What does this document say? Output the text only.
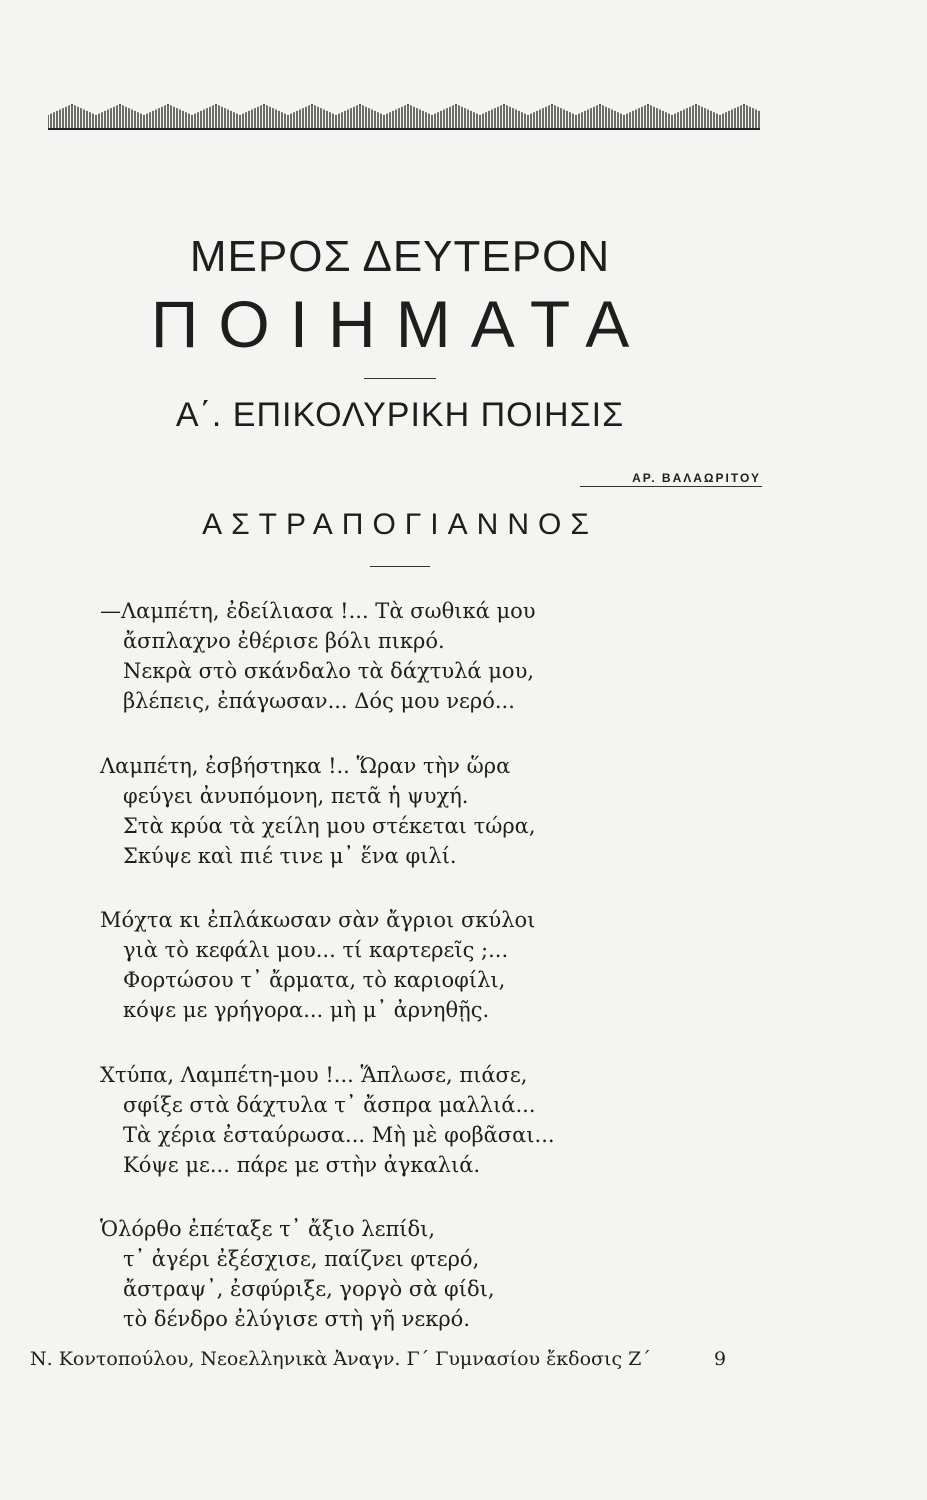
ΜΕΡΟΣ ΔΕΥΤΕΡΟΝ
ΠΟΙΗΜΑΤΑ
Α΄. ΕΠΙΚΟΛΥΡΙΚΗ ΠΟΙΗΣΙΣ
ΑΡ. ΒΑΛΑΩΡΙΤΟΥ
ΑΣΤΡΑΠΟΓΙΑΝΝΟΣ
—Λαμπέτη, ἐδείλιασα !... Τὰ σωθικά μου
ἄσπλαχνο ἐθέρισε βόλι πικρό.
Νεκρὰ στὸ σκάνδαλο τὰ δάχτυλά μου,
βλέπεις, ἐπάγωσαν... Δός μου νερό...
Λαμπέτη, ἐσβήστηκα !.. Ὥραν τὴν ὥρα
φεύγει ἀνυπόμονη, πετᾶ ἡ ψυχή.
Στὰ κρύα τὰ χείλη μου στέκεται τώρα,
Σκύψε καὶ πιέ τινε μ᾿ ἕνα φιλί.
Μόχτα κι ἐπλάκωσαν σὰν ἄγριοι σκύλοι
γιὰ τὸ κεφάλι μου... τί καρτερεῖς ;...
Φορτώσου τ᾿ ἄρματα, τὸ καριοφίλι,
κόψε με γρήγορα... μὴ μ᾿ ἀρνηθῇς.
Χτύπα, Λαμπέτη-μου !... Ἅπλωσε, πιάσε,
σφίξε στὰ δάχτυλα τ᾿ ἄσπρα μαλλιά...
Τὰ χέρια ἐσταύρωσα... Μὴ μὲ φοβᾶσαι...
Κόψε με... πάρε με στὴν ἀγκαλιά.
Ὁλόρθο ἐπέταξε τ᾿ ἄξιο λεπίδι,
τ᾿ ἀγέρι ἐξέσχισε, παίζνει φτερό,
ἄστραψ᾿, ἐσφύριξε, γοργὸ σὰ φίδι,
τὸ δένδρο ἐλύγισε στὴ γῆ νεκρό.
Ν. Κοντοπούλου, Νεοελληνικὰ Ἀναγν. Γ΄ Γυμνασίου ἔκδοσις Ζ΄	9
